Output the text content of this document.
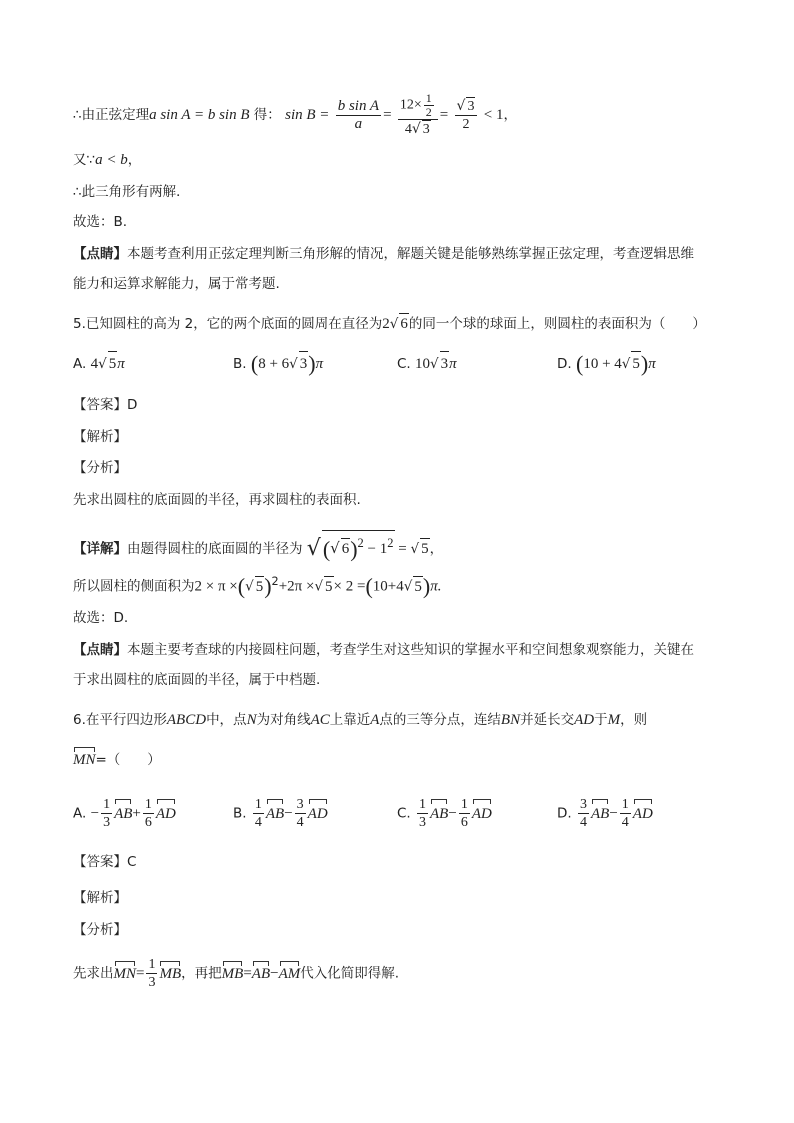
∴由正弦定理a sin A = b sin B 得： $\sin B = \frac{\text{b sin A}}{a} = \frac{12\times \frac{1}{2}}{4√ 3} = \frac{√ 3}{2} < 1$，
又∵a < b，
∴此三角形有两解．
故选：B.
【点睛】本题考查利用正弦定理判断三角形解的情况，解题关键是能够熟练掌握正弦定理，考查逻辑思维
能力和运算求解能力，属于常考题.
5.已知圆柱的高为 2，它的两个底面的圆周在直径为2√ 6的同一个球的球面上，则圆柱的表面积为（　　）
A. 4√ 5π	B. (8 + 6√ 3)π	C. 10√ 3π	D. (10 + 4√ 5)π
【答案】D
【解析】
【分析】
先求出圆柱的底面圆的半径，再求圆柱的表面积.
【详解】由题得圆柱的底面圆的半径为 √(√ $6)^2 - 1^2$ = √ 5，
所以圆柱的侧面积为2 × π ×(√ 5)$^2$+2π ×√ 5× 2 =(10+4√ 5)π.
故选：D.
【点睛】本题主要考查球的内接圆柱问题，考查学生对这些知识的掌握水平和空间想象观察能力，关键在
于求出圆柱的底面圆的半径，属于中档题.
6.在平行四边形ABCD中，点N为对角线AC上靠近A点的三等分点，连结BN并延长交AD于M，则
MN=（　　）
A. − $\frac{1}{3} AB+ \frac{1}{6}$ AD	B. $\frac{1}{4} AB- \frac{3}{4}$ AD	C. $\frac{1}{3} AB- \frac{1}{6}$ AD	D. $\frac{3}{4} AB- \frac{1}{4}$ AD
【答案】C
【解析】
【分析】
先求出$MN= \frac{1}{3}$ MB，再把MB=AB−AM代入化简即得解.
